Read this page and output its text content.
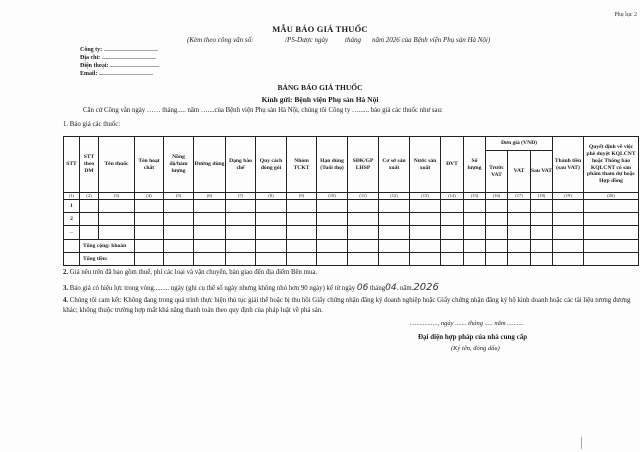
Phụ lục 2
MẪU BÁO GIÁ THUỐC
(Kèm theo công văn số:	/PS-Dược ngày tháng năm 2026 của Bệnh viện Phụ sản Hà Nội)
Công ty: ......................................................
Địa chỉ: ......................................................
Điện thoại: .................................................
Email: ......................................................
BẢNG BÁO GIÁ THUỐC
Kính gửi: Bệnh viện Phụ sản Hà Nội
Căn cứ Công văn ngày …… tháng..... năm …....của Bệnh viện Phụ sản Hà Nội, chúng tôi Công ty …...... báo giá các thuốc như sau:
1. Báo giá các thuốc:
STT	STT theo DM	Tên thuốc	Tên hoạt chất	Nồng độ/hàm lượng	Đường dùng	Dạng bào chế	Quy cách đóng gói	Nhóm TCKT	Hạn dùng (Tuổi thọ)	SĐK/GP LHSP	Cơ sở sản xuất	Nước sản xuất	ĐVT	Số lượng	Đơn giá (VNĐ)			Thành tiền (sau VAT)	Quyết định về việc phê duyệt KQLCNT hoặc Thông báo KQLCNT có sản phẩm tham dự hoặc Hợp đồng
															Trước VAT	VAT	Sau VAT		
(1)	(2)	(3)	(4)	(5)	(6)	(7)	(8)	(9)	(10)	(11)	(12)	(13)	(14)	(15)	(16)	(17)	(18)	(19)	(20)
1																			
2																			
...																			
	Tổng cộng: khoản																		
	Tổng tiền:																		
2. Giá nêu trên đã bao gồm thuế, phí các loại và vận chuyển, bàn giao đến địa điểm Bên mua.
3. Báo giá có hiệu lực trong vòng......... ngày (ghi cụ thể số ngày nhưng không nhỏ hơn 90 ngày) kể từ ngày 06 tháng04. năm.2026
4. Chúng tôi cam kết: Không đang trong quá trình thực hiện thủ tục giải thể hoặc bị thu hồi Giấy chứng nhận đăng ký doanh nghiệp hoặc Giấy chứng nhận đăng ký hộ kinh doanh hoặc các tài liệu tương đương khác; không thuộc trường hợp mất khả năng thanh toán theo quy định của pháp luật về phá sản.
................., ngày ....... tháng ..... năm ..........
Đại diện hợp pháp của nhà cung cấp
(Ký tên, đóng dấu)
